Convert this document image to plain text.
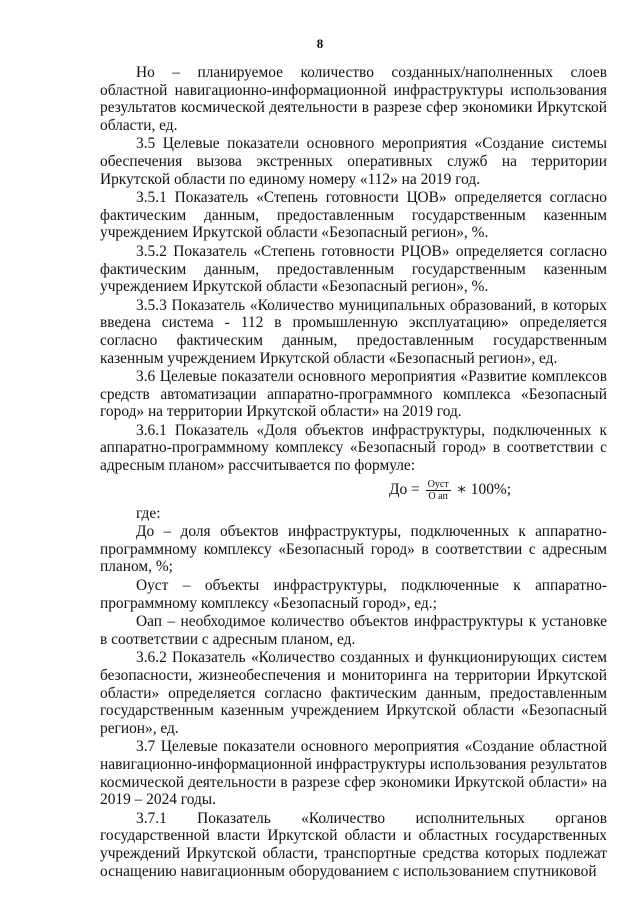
8

Но – планируемое количество созданных/наполненных слоев областной навигационно-информационной инфраструктуры использования результатов космической деятельности в разрезе сфер экономики Иркутской области, ед.

3.5 Целевые показатели основного мероприятия «Создание системы обеспечения вызова экстренных оперативных служб на территории Иркутской области по единому номеру «112» на 2019 год.

3.5.1 Показатель «Степень готовности ЦОВ» определяется согласно фактическим данным, предоставленным государственным казенным учреждением Иркутской области «Безопасный регион», %.

3.5.2 Показатель «Степень готовности РЦОВ» определяется согласно фактическим данным, предоставленным государственным казенным учреждением Иркутской области «Безопасный регион», %.

3.5.3 Показатель «Количество муниципальных образований, в которых введена система - 112 в промышленную эксплуатацию» определяется согласно фактическим данным, предоставленным государственным казенным учреждением Иркутской области «Безопасный регион», ед.

3.6 Целевые показатели основного мероприятия «Развитие комплексов средств автоматизации аппаратно-программного комплекса «Безопасный город» на территории Иркутской области» на 2019 год.

3.6.1 Показатель «Доля объектов инфраструктуры, подключенных к аппаратно-программному комплексу «Безопасный город» в соответствии с адресным планом» рассчитывается по формуле:

До = $\frac{\text{Оуст}}{\text{О ап}}$ ∗ 100%;

где:

До – доля объектов инфраструктуры, подключенных к аппаратно-программному комплексу «Безопасный город» в соответствии с адресным планом, %;

Оуст – объекты инфраструктуры, подключенные к аппаратно-программному комплексу «Безопасный город», ед.;

Оап – необходимое количество объектов инфраструктуры к установке в соответствии с адресным планом, ед.

3.6.2 Показатель «Количество созданных и функционирующих систем безопасности, жизнеобеспечения и мониторинга на территории Иркутской области» определяется согласно фактическим данным, предоставленным государственным казенным учреждением Иркутской области «Безопасный регион», ед.

3.7 Целевые показатели основного мероприятия «Создание областной навигационно-информационной инфраструктуры использования результатов космической деятельности в разрезе сфер экономики Иркутской области» на 2019 – 2024 годы.

3.7.1 Показатель «Количество исполнительных органов государственной власти Иркутской области и областных государственных учреждений Иркутской области, транспортные средства которых подлежат оснащению навигационным оборудованием с использованием спутниковой
